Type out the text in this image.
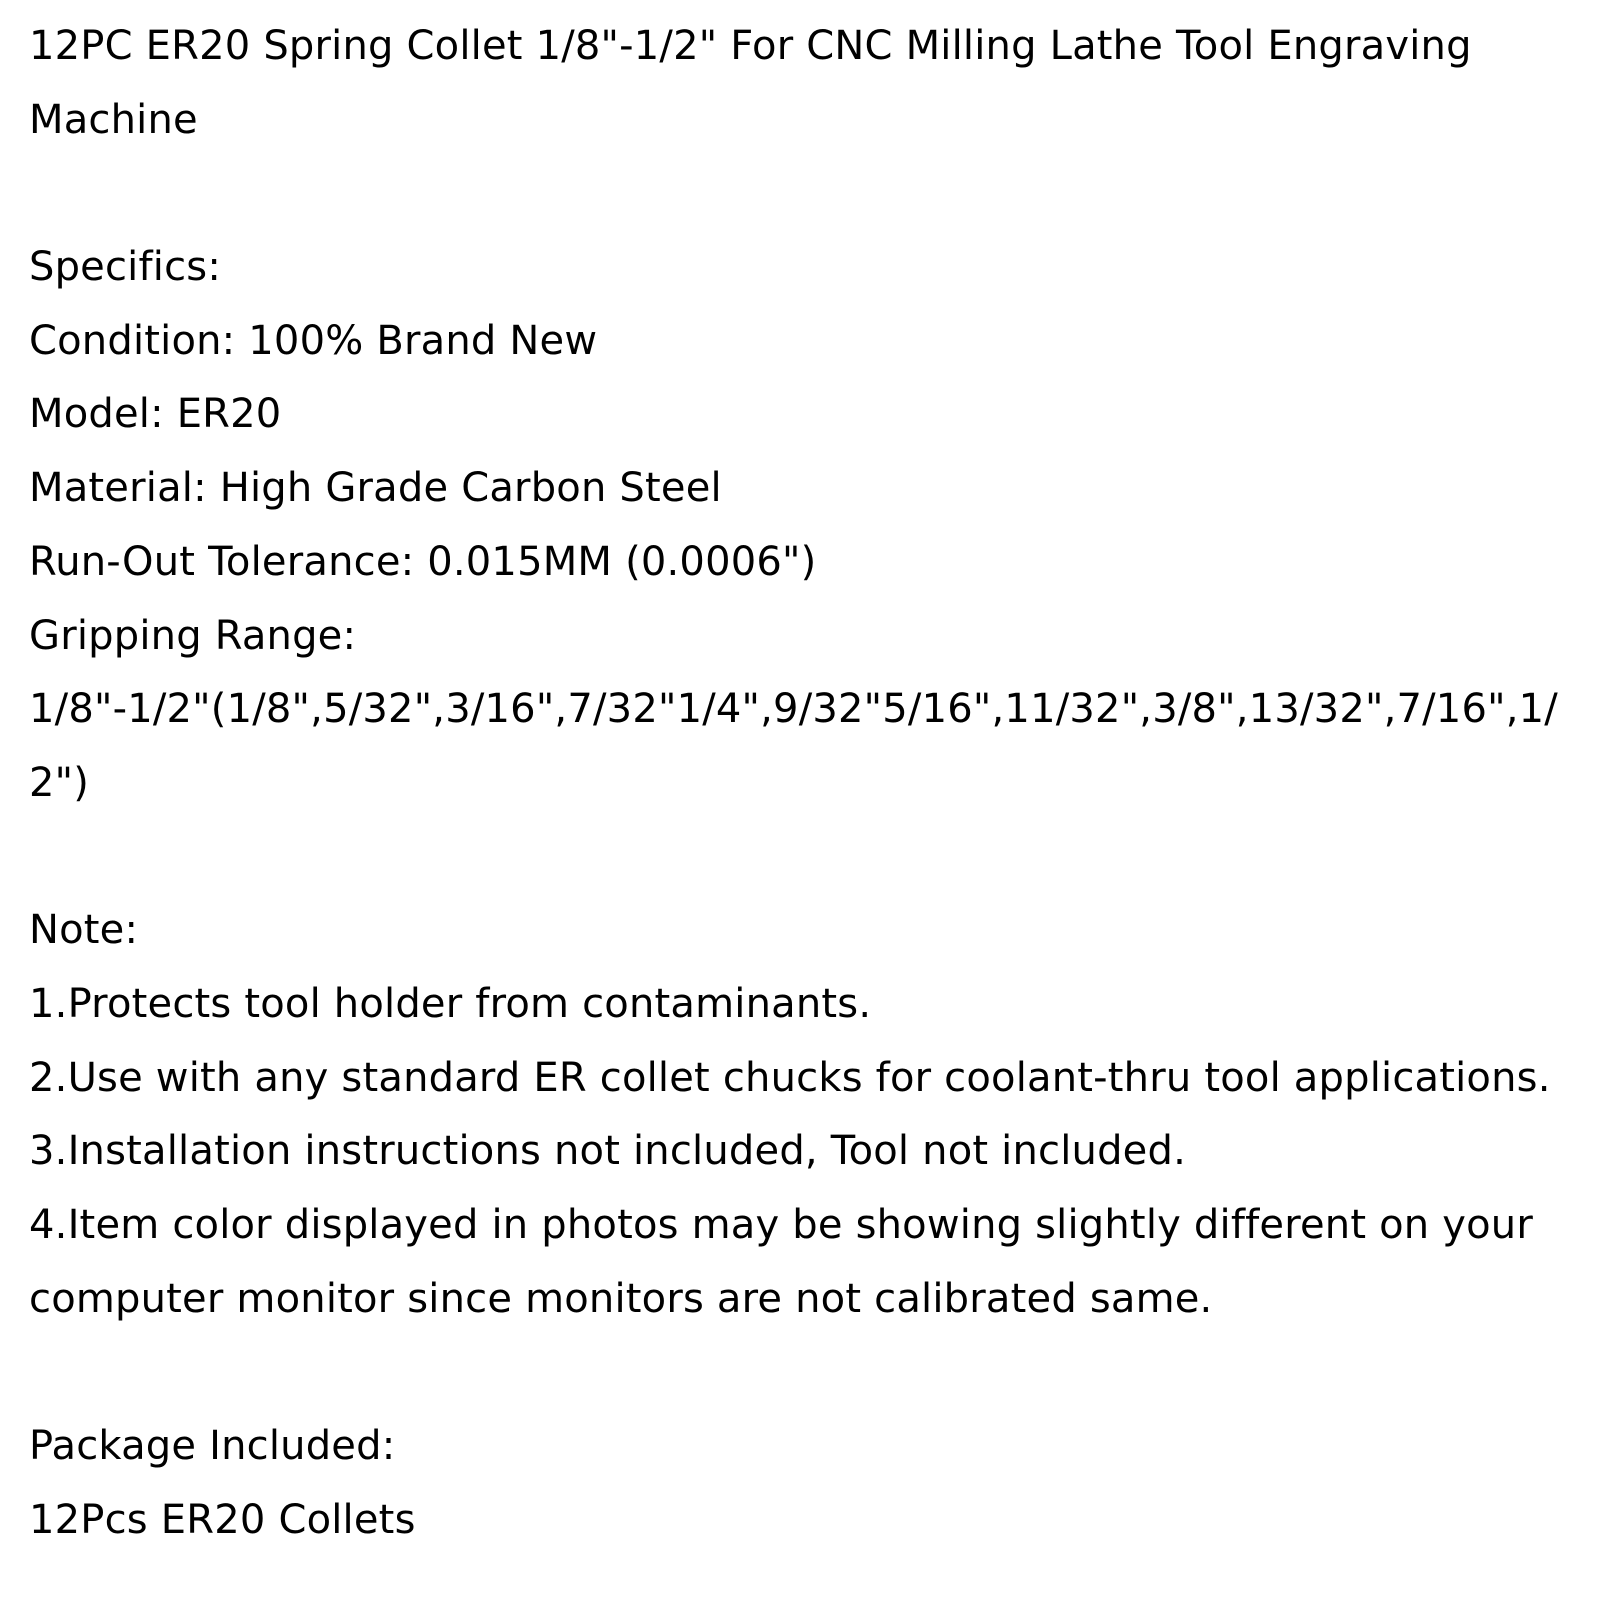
12PC ER20 Spring Collet 1/8"-1/2" For CNC Milling Lathe Tool Engraving
Machine
Specifics:
Condition: 100% Brand New
Model: ER20
Material: High Grade Carbon Steel
Run-Out Tolerance: 0.015MM (0.0006")
Gripping Range:
1/8"-1/2"(1/8",5/32",3/16",7/32"1/4",9/32"5/16",11/32",3/8",13/32",7/16",1/
2")
Note:
1.Protects tool holder from contaminants.
2.Use with any standard ER collet chucks for coolant-thru tool applications.
3.Installation instructions not included, Tool not included.
4.Item color displayed in photos may be showing slightly different on your
computer monitor since monitors are not calibrated same.
Package Included:
12Pcs ER20 Collets
